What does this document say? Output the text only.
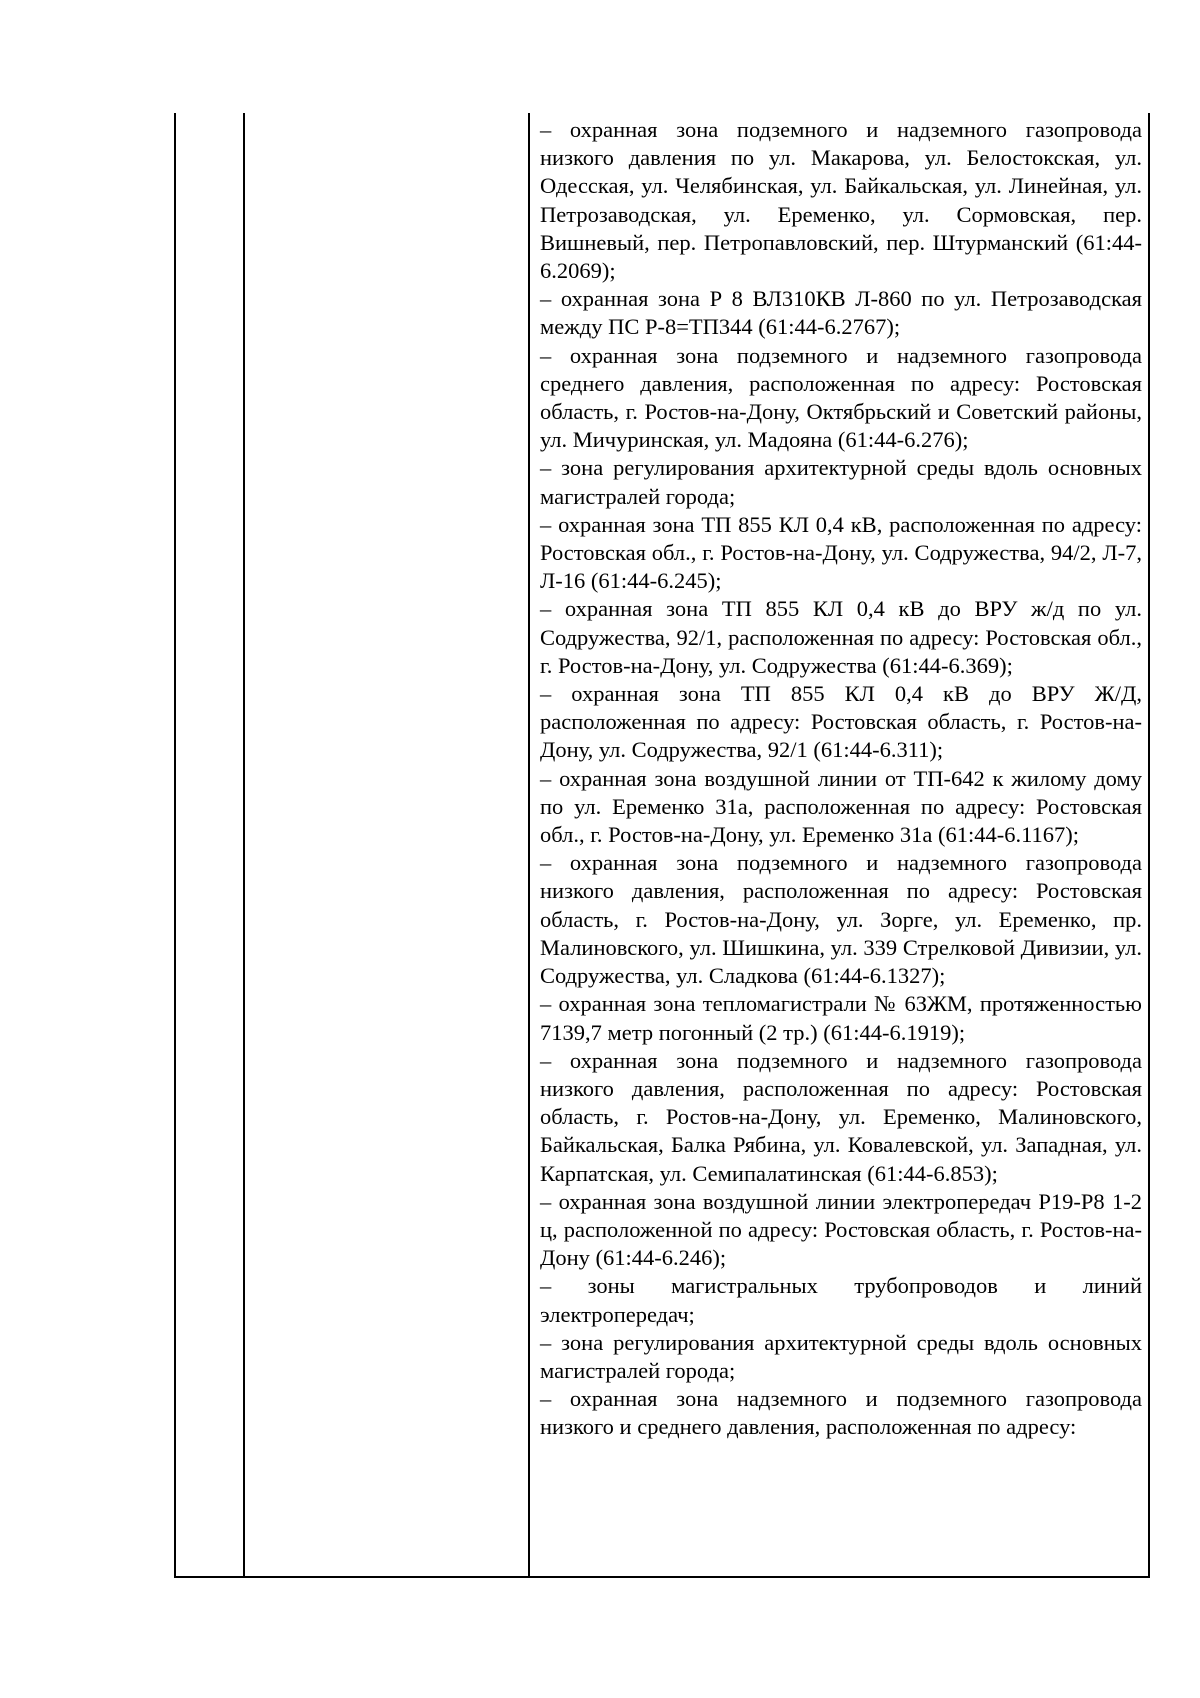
– охранная зона подземного и надземного газопровода низкого давления по ул. Макарова, ул. Белостокская, ул. Одесская, ул. Челябинская, ул. Байкальская, ул. Линейная, ул. Петрозаводская, ул. Еременко, ул. Сормовская, пер. Вишневый, пер. Петропавловский, пер. Штурманский (61:44-6.2069);

– охранная зона Р 8 ВЛ310КВ Л-860 по ул. Петрозаводская между ПС Р-8=ТП344 (61:44-6.2767);

– охранная зона подземного и надземного газопровода среднего давления, расположенная по адресу: Ростовская область, г. Ростов-на-Дону, Октябрьский и Советский районы, ул. Мичуринская, ул. Мадояна (61:44-6.276);

– зона регулирования архитектурной среды вдоль основных магистралей города;

– охранная зона ТП 855 КЛ 0,4 кВ, расположенная по адресу: Ростовская обл., г. Ростов-на-Дону, ул. Содружества, 94/2, Л-7, Л-16 (61:44-6.245);

– охранная зона ТП 855 КЛ 0,4 кВ до ВРУ ж/д по ул. Содружества, 92/1, расположенная по адресу: Ростовская обл., г. Ростов-на-Дону, ул. Содружества (61:44-6.369);

– охранная зона ТП 855 КЛ 0,4 кВ до ВРУ Ж/Д, расположенная по адресу: Ростовская область, г. Ростов-на-Дону, ул. Содружества, 92/1 (61:44-6.311);

– охранная зона воздушной линии от ТП-642 к жилому дому по ул. Еременко 31а, расположенная по адресу: Ростовская обл., г. Ростов-на-Дону, ул. Еременко 31а (61:44-6.1167);

– охранная зона подземного и надземного газопровода низкого давления, расположенная по адресу: Ростовская область, г. Ростов-на-Дону, ул. Зорге, ул. Еременко, пр. Малиновского, ул. Шишкина, ул. 339 Стрелковой Дивизии, ул. Содружества, ул. Сладкова (61:44-6.1327);

– охранная зона тепломагистрали № 6ЗЖМ, протяженностью 7139,7 метр погонный (2 тр.) (61:44-6.1919);

– охранная зона подземного и надземного газопровода низкого давления, расположенная по адресу: Ростовская область, г. Ростов-на-Дону, ул. Еременко, Малиновского, Байкальская, Балка Рябина, ул. Ковалевской, ул. Западная, ул. Карпатская, ул. Семипалатинская (61:44-6.853);

– охранная зона воздушной линии электропередач Р19-Р8 1-2 ц, расположенной по адресу: Ростовская область, г. Ростов-на-Дону (61:44-6.246);

– зоны магистральных трубопроводов и линий электропередач;

– зона регулирования архитектурной среды вдоль основных магистралей города;

– охранная зона надземного и подземного газопровода низкого и среднего давления, расположенная по адресу:
